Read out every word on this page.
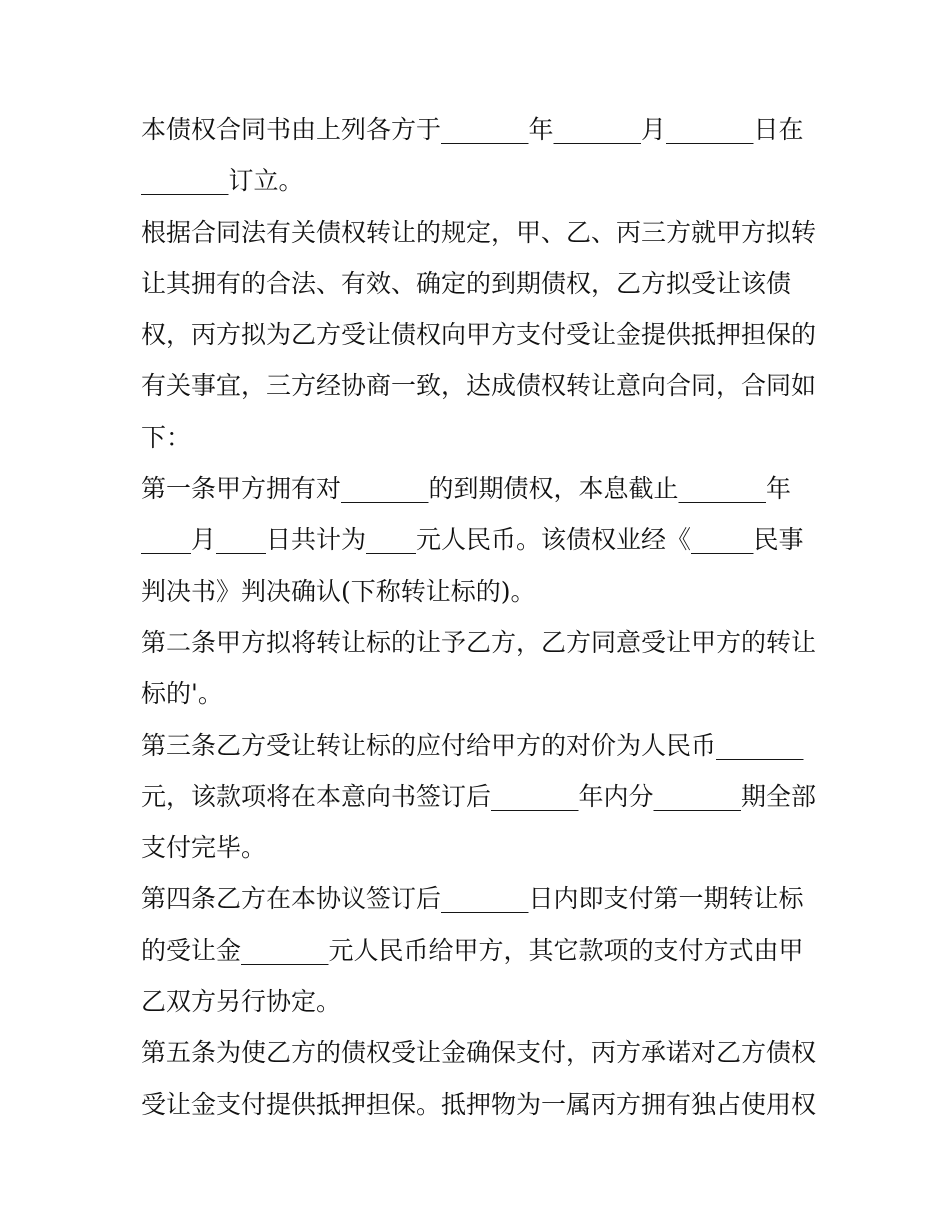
本债权合同书由上列各方于_______年_______月_______日在
_______订立。
根据合同法有关债权转让的规定，甲、乙、丙三方就甲方拟转
让其拥有的合法、有效、确定的到期债权，乙方拟受让该债
权，丙方拟为乙方受让债权向甲方支付受让金提供抵押担保的
有关事宜，三方经协商一致，达成债权转让意向合同，合同如
下：
第一条甲方拥有对_______的到期债权，本息截止_______年
____月____日共计为____元人民币。该债权业经《_____民事
判决书》判决确认(下称转让标的)。
第二条甲方拟将转让标的让予乙方，乙方同意受让甲方的转让
标的'。
第三条乙方受让转让标的应付给甲方的对价为人民币_______
元，该款项将在本意向书签订后_______年内分_______期全部
支付完毕。
第四条乙方在本协议签订后_______日内即支付第一期转让标
的受让金_______元人民币给甲方，其它款项的支付方式由甲
乙双方另行协定。
第五条为使乙方的债权受让金确保支付，丙方承诺对乙方债权
受让金支付提供抵押担保。抵押物为一属丙方拥有独占使用权
